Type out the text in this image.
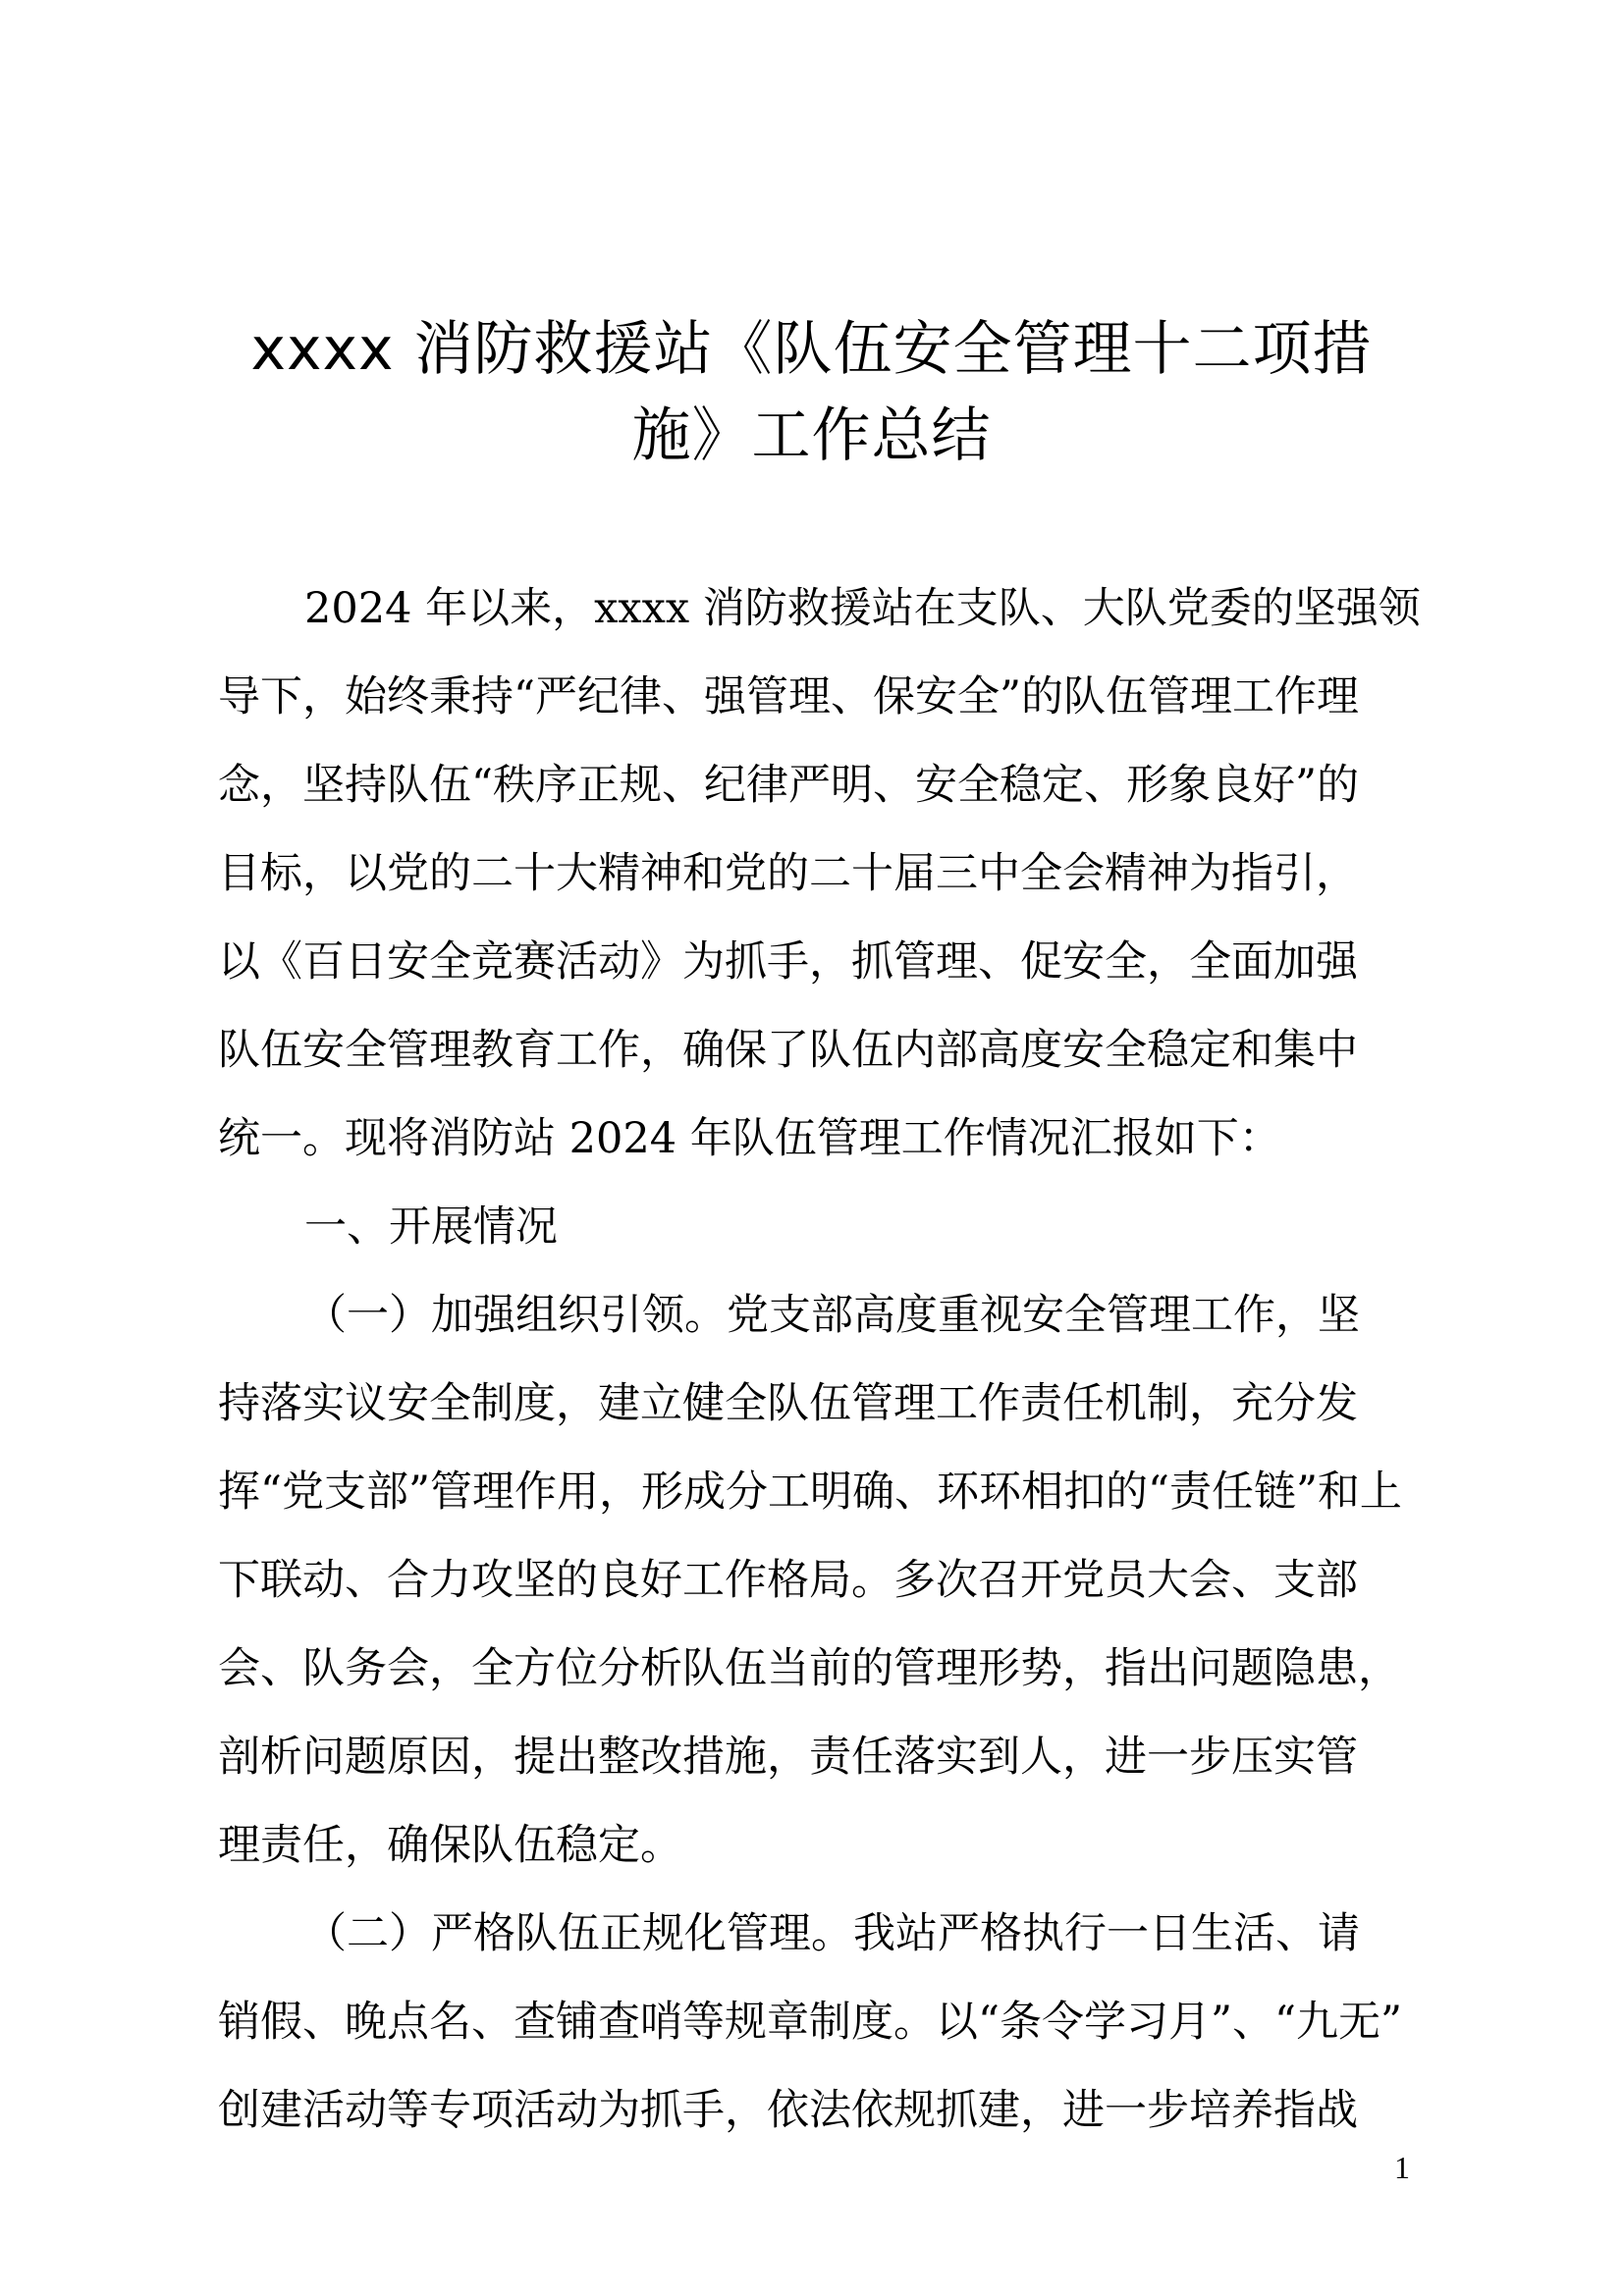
xxxx 消防救援站《队伍安全管理十二项措
施》工作总结
2024 年以来，xxxx 消防救援站在支队、大队党委的坚强领
导下，始终秉持“严纪律、强管理、保安全”的队伍管理工作理
念，坚持队伍“秩序正规、纪律严明、安全稳定、形象良好”的
目标，以党的二十大精神和党的二十届三中全会精神为指引，
以《百日安全竞赛活动》为抓手，抓管理、促安全，全面加强
队伍安全管理教育工作，确保了队伍内部高度安全稳定和集中
统一。现将消防站 2024 年队伍管理工作情况汇报如下：
一、开展情况
（一）加强组织引领。党支部高度重视安全管理工作，坚
持落实议安全制度，建立健全队伍管理工作责任机制，充分发
挥“党支部”管理作用，形成分工明确、环环相扣的“责任链”和上
下联动、合力攻坚的良好工作格局。多次召开党员大会、支部
会、队务会，全方位分析队伍当前的管理形势，指出问题隐患，
剖析问题原因，提出整改措施，责任落实到人，进一步压实管
理责任，确保队伍稳定。
（二）严格队伍正规化管理。我站严格执行一日生活、请
销假、晚点名、查铺查哨等规章制度。以“条令学习月”、“九无”
创建活动等专项活动为抓手，依法依规抓建，进一步培养指战
1
